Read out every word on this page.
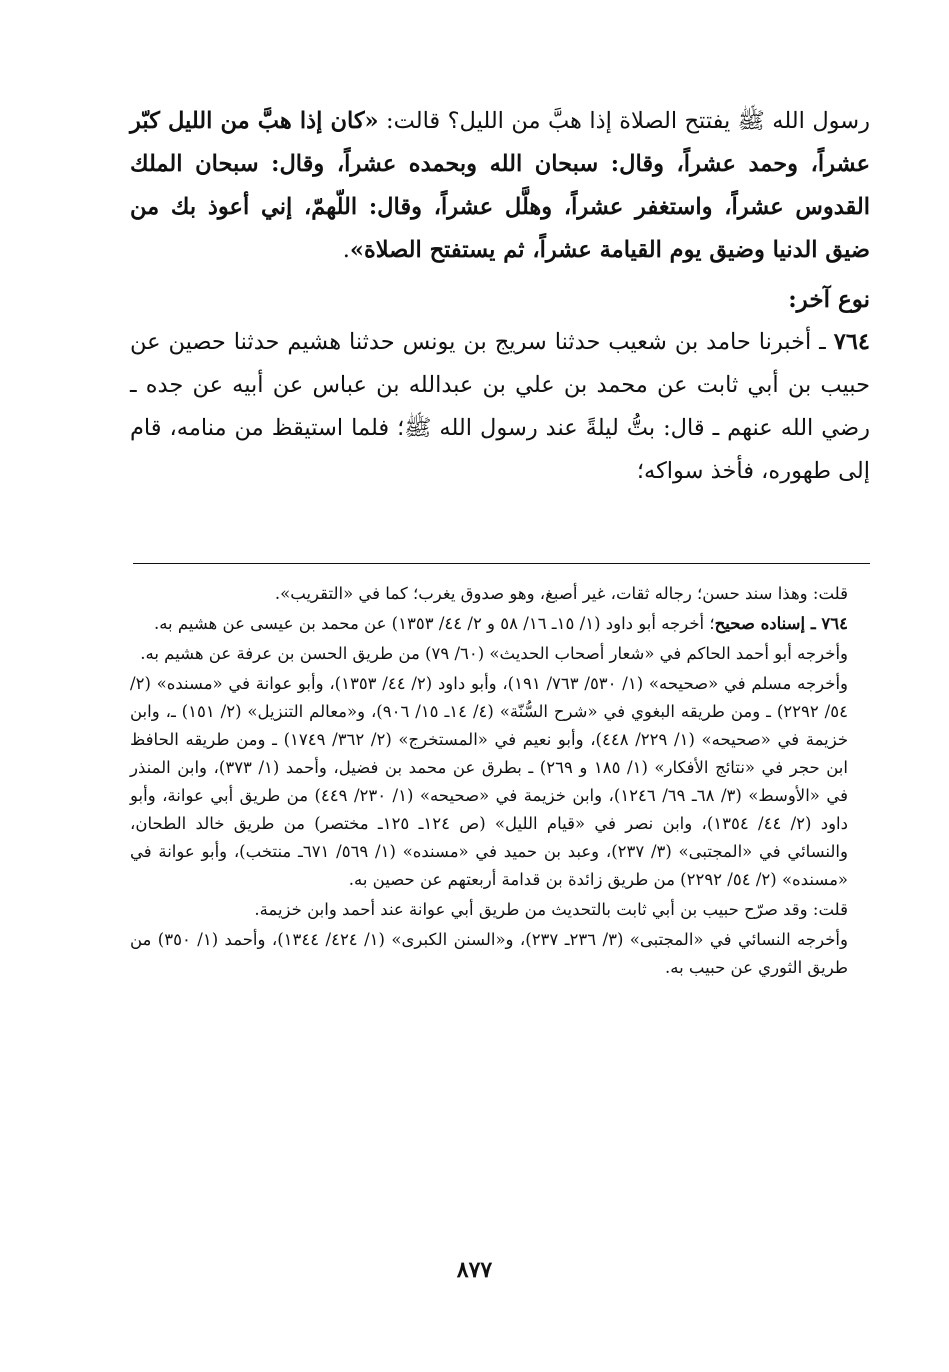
رسول الله ﷺ يفتتح الصلاة إذا هبَّ من الليل؟ قالت: «كان إذا هبَّ من الليل كبّر عشراً، وحمد عشراً، وقال: سبحان الله وبحمده عشراً، وقال: سبحان الملك القدوس عشراً، واستغفر عشراً، وهلَّل عشراً، وقال: اللّهمّ، إني أعوذ بك من ضيق الدنيا وضيق يوم القيامة عشراً، ثم يستفتح الصلاة».

نوع آخر:

٧٦٤ ـ أخبرنا حامد بن شعيب حدثنا سريج بن يونس حدثنا هشيم حدثنا حصين عن حبيب بن أبي ثابت عن محمد بن علي بن عبدالله بن عباس عن أبيه عن جده ـ رضي الله عنهم ـ قال: بتُّ ليلةً عند رسول الله ﷺ؛ فلما استيقظ من منامه، قام إلى طهوره، فأخذ سواكه؛

قلت: وهذا سند حسن؛ رجاله ثقات، غير أصبغ، وهو صدوق يغرب؛ كما في «التقريب».

٧٦٤ ـ إسناده صحيح؛ أخرجه أبو داود (١/ ١٥ـ ١٦/ ٥٨ و ٢/ ٤٤/ ١٣٥٣) عن محمد بن عيسى عن هشيم به.

وأخرجه أبو أحمد الحاكم في «شعار أصحاب الحديث» (٦٠/ ٧٩) من طريق الحسن بن عرفة عن هشيم به.

وأخرجه مسلم في «صحيحه» (١/ ٥٣٠/ ٧٦٣/ ١٩١)، وأبو داود (٢/ ٤٤/ ١٣٥٣)، وأبو عوانة في «مسنده» (٢/ ٥٤/ ٢٢٩٢) ـ ومن طريقه البغوي في «شرح السُّنّة» (٤/ ١٤ـ ١٥/ ٩٠٦)، و«معالم التنزيل» (٢/ ١٥١) ـ، وابن خزيمة في «صحيحه» (١/ ٢٢٩/ ٤٤٨)، وأبو نعيم في «المستخرج» (٢/ ٣٦٢/ ١٧٤٩) ـ ومن طريقه الحافظ ابن حجر في «نتائج الأفكار» (١/ ١٨٥ و ٢٦٩) ـ بطرق عن محمد بن فضيل، وأحمد (١/ ٣٧٣)، وابن المنذر في «الأوسط» (٣/ ٦٨ـ ٦٩/ ١٢٤٦)، وابن خزيمة في «صحيحه» (١/ ٢٣٠/ ٤٤٩) من طريق أبي عوانة، وأبو داود (٢/ ٤٤/ ١٣٥٤)، وابن نصر في «قيام الليل» (ص ١٢٤ـ ١٢٥ـ مختصر) من طريق خالد الطحان، والنسائي في «المجتبى» (٣/ ٢٣٧)، وعبد بن حميد في «مسنده» (١/ ٥٦٩/ ٦٧١ـ منتخب)، وأبو عوانة في «مسنده» (٢/ ٥٤/ ٢٢٩٢) من طريق زائدة بن قدامة أربعتهم عن حصين به.

قلت: وقد صرّح حبيب بن أبي ثابت بالتحديث من طريق أبي عوانة عند أحمد وابن خزيمة.

وأخرجه النسائي في «المجتبى» (٣/ ٢٣٦ـ ٢٣٧)، و«السنن الكبرى» (١/ ٤٢٤/ ١٣٤٤)، وأحمد (١/ ٣٥٠) من طريق الثوري عن حبيب به.

٨٧٧
